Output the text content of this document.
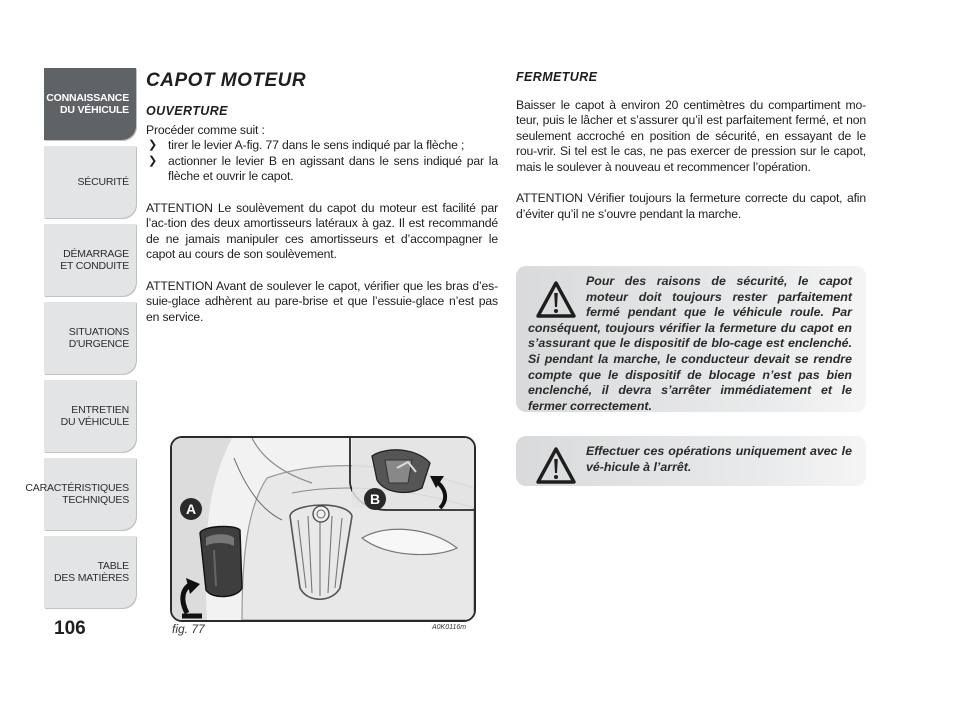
CONNAISSANCE
DU VÉHICULE
SÉCURITÉ
DÉMARRAGE
ET CONDUITE
SITUATIONS
D'URGENCE
ENTRETIEN
DU VÉHICULE
CARACTÉRISTIQUES
TECHNIQUES
TABLE
DES MATIÈRES
106
CAPOT MOTEUR
OUVERTURE

Procéder comme suit :

❯ tirer le levier A-fig. 77 dans le sens indiqué par la flèche ;
❯ actionner le levier B en agissant dans le sens indiqué par la flèche et ouvrir le capot.

ATTENTION Le soulèvement du capot du moteur est facilité par l’ac-tion des deux amortisseurs latéraux à gaz. Il est recommandé de ne jamais manipuler ces amortisseurs et d’accompagner le capot au cours de son soulèvement.

ATTENTION Avant de soulever le capot, vérifier que les bras d’es-suie-glace adhèrent au pare-brise et que l’essuie-glace n’est pas en service.

FERMETURE

Baisser le capot à environ 20 centimètres du compartiment mo-teur, puis le lâcher et s’assurer qu’il est parfaitement fermé, et non seulement accroché en position de sécurité, en essayant de le rou-vrir. Si tel est le cas, ne pas exercer de pression sur le capot, mais le soulever à nouveau et recommencer l’opération.

ATTENTION Vérifier toujours la fermeture correcte du capot, afin d’éviter qu’il ne s’ouvre pendant la marche.

Pour des raisons de sécurité, le capot moteur doit toujours rester parfaitement fermé pendant que le véhicule roule. Par conséquent, toujours vérifier la fermeture du capot en s’assurant que le dispositif de blo-cage est enclenché. Si pendant la marche, le conducteur devait se rendre compte que le dispositif de blocage n’est pas bien enclenché, il devra s’arrêter immédiatement et le fermer correctement.

Effectuer ces opérations uniquement avec le vé-hicule à l’arrêt.

A
B
fig. 77	A0K0116m
